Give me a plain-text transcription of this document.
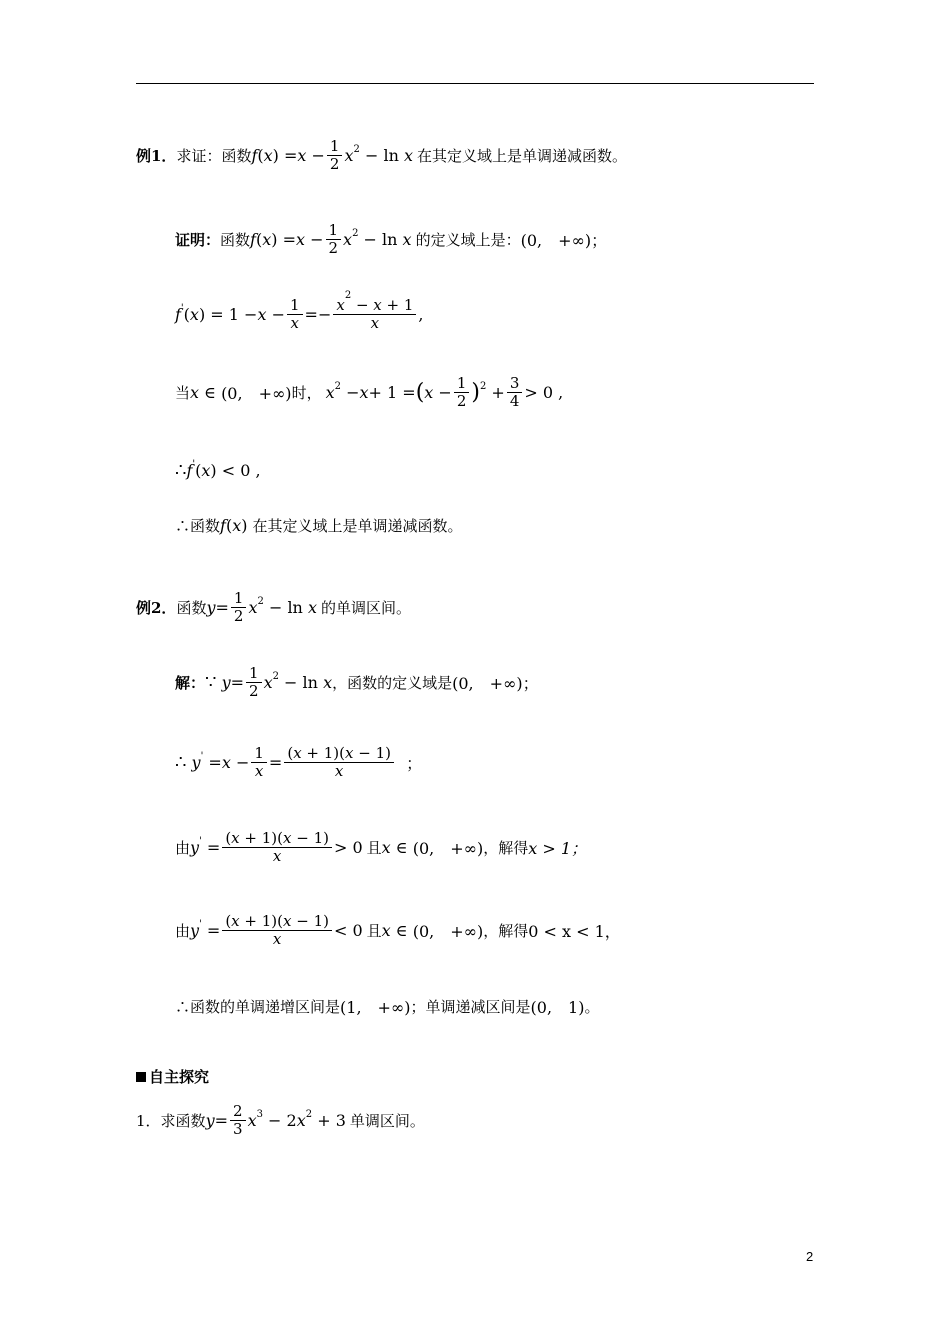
例1． 求证：函数 f ( x ) = $x - \frac{1}{2} x^2 - \ln x$ 在其定义域上是单调递减函数。
证明： 函数 f ( x ) = $x - \frac{1}{2} x^2 - \ln x$ 的定义域上是： (0,　+∞)；
f' ( x ) = $1 - x - \frac{1}{x} =- \frac{x^2 - x + 1}{x}$ ,
当 x ∈ (0,　+∞) 时， $x^2 - x + 1$ = ( $x - \frac{1}{2} )^2 + \frac{3}{4} > 0$ ,
∴ f' ( x ) < 0 ,
∴函数 f ( x ) 在其定义域上是单调递减函数。
例2． 函数 $y = \frac{1}{2} x^2 - \ln x$ 的单调区间。
解： ∵
$y = \frac{1}{2} x^2 - \ln x$ ，函数的定义域是 (0,　+∞)；
∴
$y' = x - \frac{1}{x} = \frac{(x + 1)(x - 1)}{x}$ ；
由 $y' = \frac{(x + 1)(x - 1)}{x} > 0$ 且 x ∈ (0,　+∞) ，解得 x > 1；
由 $y' = \frac{(x + 1)(x - 1)}{x} < 0$ 且 x ∈ (0,　+∞) ，解得 0 < x < 1，
∴函数的单调递增区间是 (1,　+∞) ；单调递减区间是 (0,　1) 。
自主探究
1． 求函数 $y = \frac{2}{3} x^3 - 2$ $x^2 + 3$ 单调区间。
2
